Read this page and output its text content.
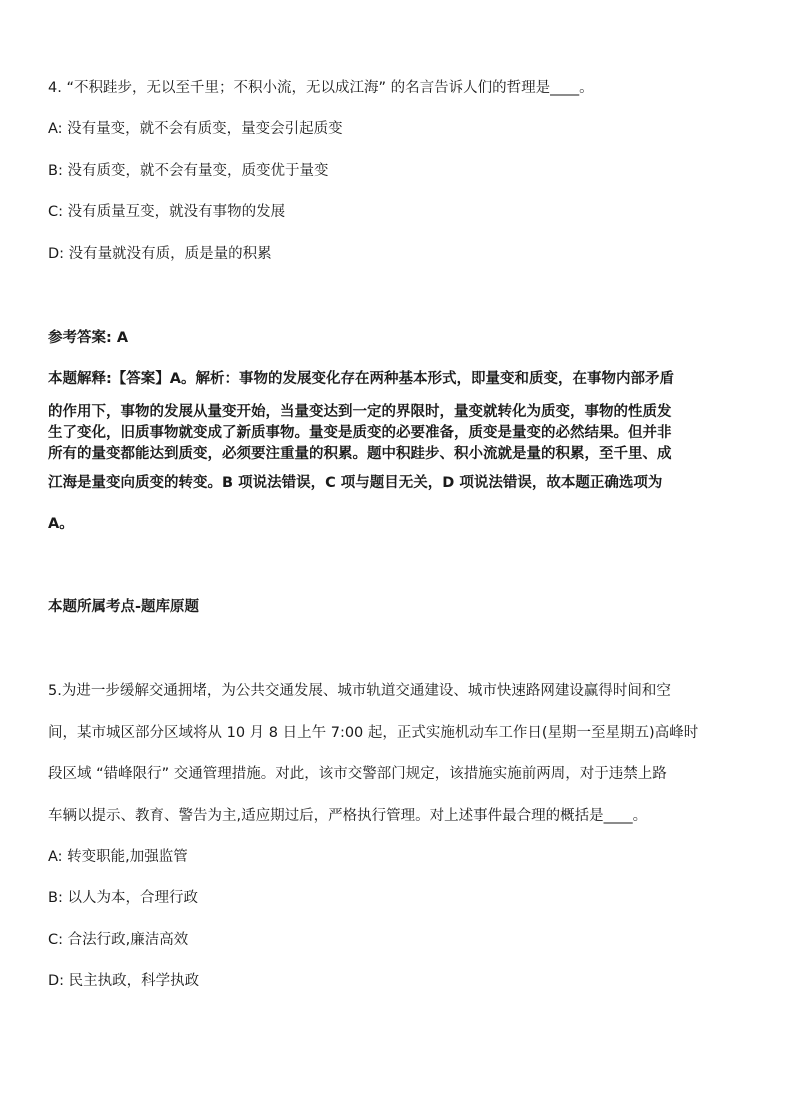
4. “不积跬步，无以至千里；不积小流，无以成江海” 的名言告诉人们的哲理是____。

A: 没有量变，就不会有质变，量变会引起质变

B: 没有质变，就不会有量变，质变优于量变

C: 没有质量互变，就没有事物的发展

D: 没有量就没有质，质是量的积累

参考答案: A

本题解释:【答案】A。解析：事物的发展变化存在两种基本形式，即量变和质变，在事物内部矛盾

的作用下，事物的发展从量变开始，当量变达到一定的界限时，量变就转化为质变，事物的性质发

生了变化，旧质事物就变成了新质事物。量变是质变的必要准备，质变是量变的必然结果。但并非

所有的量变都能达到质变，必须要注重量的积累。题中积跬步、积小流就是量的积累，至千里、成

江海是量变向质变的转变。B 项说法错误，C 项与题目无关，D 项说法错误，故本题正确选项为

A。

本题所属考点-题库原题

5.为进一步缓解交通拥堵，为公共交通发展、城市轨道交通建设、城市快速路网建设赢得时间和空

间，某市城区部分区域将从 10 月 8 日上午 7:00 起，正式实施机动车工作日(星期一至星期五)高峰时

段区域 “错峰限行” 交通管理措施。对此，该市交警部门规定，该措施实施前两周，对于违禁上路

车辆以提示、教育、警告为主,适应期过后，严格执行管理。对上述事件最合理的概括是____。

A: 转变职能,加强监管

B: 以人为本，合理行政

C: 合法行政,廉洁高效

D: 民主执政，科学执政
